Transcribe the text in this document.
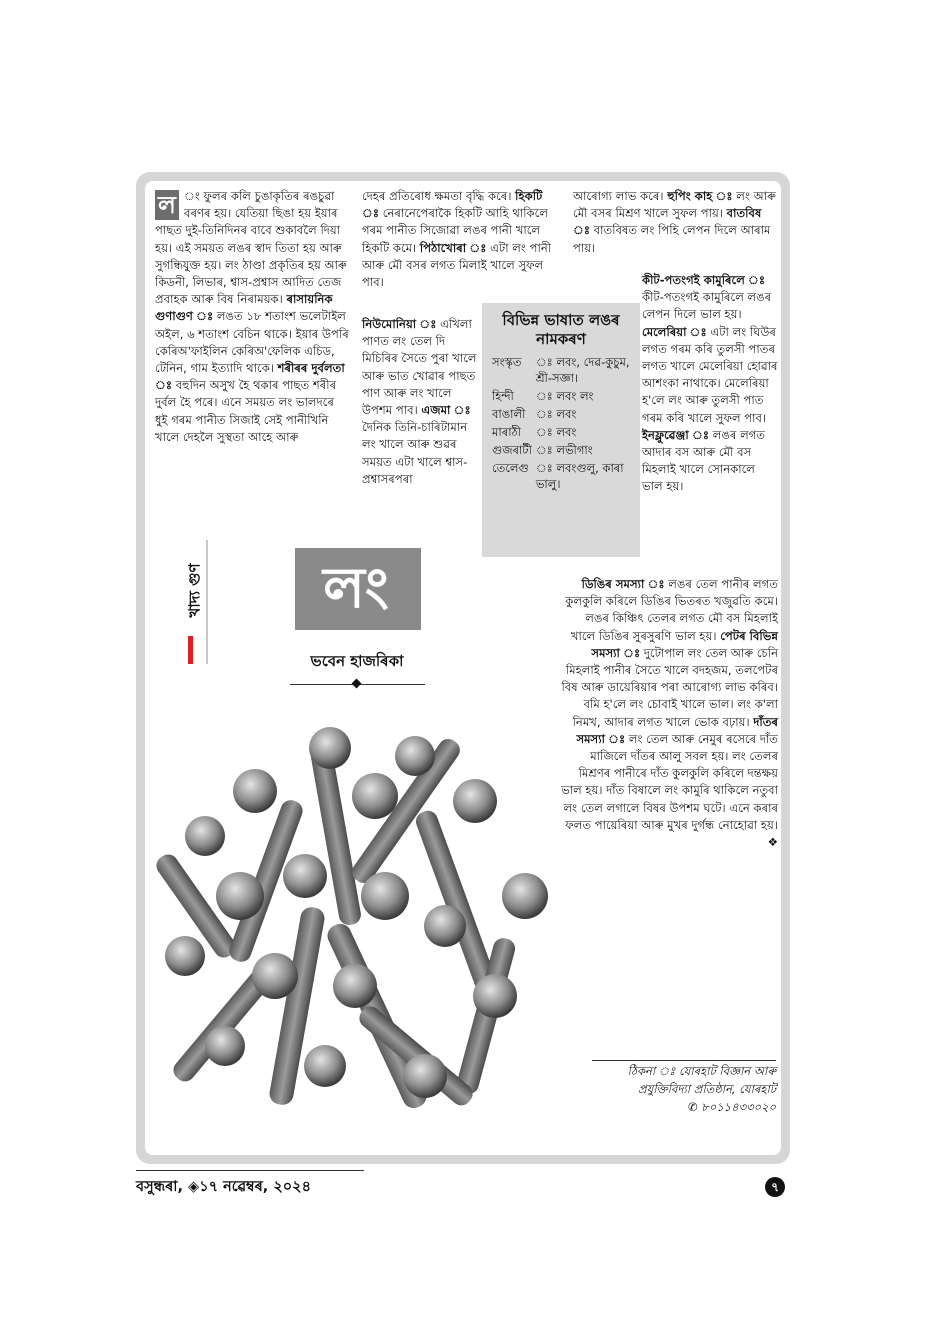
ল ং ফুলৰ কলি চুঙাকৃতিৰ ৰঙচুৱা বৰণৰ হয়। যেতিয়া ছিঙা হয় ইয়াৰ পাছত দুই-তিনিদিনৰ বাবে শুকাবলৈ দিয়া হয়। এই সময়ত লঙৰ স্বাদ তিতা হয় আৰু সুগন্ধিযুক্ত হয়। লং ঠাণ্ডা প্ৰকৃতিৰ হয় আৰু কিডনী, লিভাৰ, শ্বাস-প্ৰশ্বাস আদিত তেজ প্ৰবাহক আৰু বিষ নিৰাময়ক। ৰাসায়নিক গুণাগুণ ঃ লঙত ১৮ শতাংশ ভলেটাইল অইল, ৬ শতাংশ বেচিন থাকে। ইয়াৰ উপৰি কেৰিঅ'ফাইলিন কেৰিঅ'ফেলিক এচিড, টেনিন, গাম ইত্যাদি থাকে। শৰীৰৰ দুৰ্বলতা ঃ বহুদিন অসুখ হৈ থকাৰ পাছত শৰীৰ দুৰ্বল হৈ পৰে। এনে সময়ত লং ভালদৰে ধুই গৰম পানীত সিজাই সেই পানীখিনি খালে দেহলৈ সুস্থতা আহে আৰু

দেহৰ প্ৰতিৰোধ ক্ষমতা বৃদ্ধি কৰে। হিকটি ঃ নেৰানেপেৰাকৈ হিকটি আহি থাকিলে গৰম পানীত সিজোৱা লঙৰ পানী খালে হিকটি কমে। পিঠাখোৰা ঃ এটা লং পানী আৰু মৌ বসৰ লগত মিলাই খালে সুফল পাব।

নিউমোনিয়া ঃ এখিলা পাণত লং তেল দি মিচিৰিৰ সৈতে পুৰা খালে আৰু ভাত খোৱাৰ পাছত পাণ আৰু লং খালে উপশম পাব। এজমা ঃ দৈনিক তিনি-চাৰিটামান লং খালে আৰু শুৱৰ সময়ত এটা খালে শ্বাস-প্ৰশ্বাসৰপৰা

আৰোগ্য লাভ কৰে। হুপিং কাহ ঃ লং আৰু মৌ বসৰ মিশ্ৰণ খালে সুফল পায়। বাতবিষ ঃ বাতবিষত লং পিহি লেপন দিলে আৰাম পায়।

কীট-পতংগই কামুৰিলে ঃ কীট-পতংগই কামুৰিলে লঙৰ লেপন দিলে ভাল হয়। মেলেৰিয়া ঃ এটা লং ঘিউৰ লগত গৰম কৰি তুলসী পাতৰ লগত খালে মেলেৰিয়া হোৱাৰ আশংকা নাথাকে। মেলেৰিয়া হ'লে লং আৰু তুলসী পাত গৰম কৰি খালে সুফল পাব। ইনফ্লুৱেঞ্জা ঃ লঙৰ লগত আদাৰ বস আৰু মৌ বস মিহলাই খালে সোনকালে ভাল হয়।

বিভিন্ন ভাষাত লঙৰ নামকৰণ
সংস্কৃত	ঃ লবং, দেৱ-কুচুম, শ্ৰী-সজ্ঞা।
হিন্দী	ঃ লবং লং
বাঙালী	ঃ লবং
মাৰাঠী	ঃ লবং
গুজৰাটী	ঃ লভীগাং
তেলেগু	ঃ লবংগুলু, কাৰা ভালু।
খাদ্য গুণ	লং
ভবেন হাজৰিকা

ডিঙিৰ সমস্যা ঃ লঙৰ তেল পানীৰ লগত কুলকুলি কৰিলে ডিঙিৰ ভিতৰত খজুৱতি কমে। লঙৰ কিঞ্চিৎ তেলৰ লগত মৌ বস মিহলাই খালে ডিঙিৰ সুৰসুৰণি ভাল হয়। পেটৰ বিভিন্ন সমস্যা ঃ দুটোপাল লং তেল আৰু চেনি মিহলাই পানীৰ সৈতে খালে বদহজম, তলপেটৰ বিষ আৰু ডায়েৰিয়াৰ পৰা আৰোগ্য লাভ কৰিব। বমি হ'লে লং চোবাই খালে ভাল। লং ক'লা নিমখ, আদাৰ লগত খালে ভোক বঢ়ায়। দাঁতৰ সমস্যা ঃ লং তেল আৰু নেমুৰ ৰসেৰে দাঁত মাজিলে দাঁতৰ আলু সবল হয়। লং তেলৰ মিশ্ৰণৰ পানীৰে দাঁত কুলকুলি কৰিলে দন্তক্ষয় ভাল হয়। দাঁত বিষালে লং কামুৰি থাকিলে নতুবা লং তেল লগালে বিষৰ উপশম ঘটে। এনে কৰাৰ ফলত পায়েৰিয়া আৰু মুখৰ দুৰ্গন্ধ নোহোৱা হয়। ❖

ঠিকনা ঃ যোৰহাট বিজ্ঞান আৰু
প্ৰযুক্তিবিদ্যা প্ৰতিষ্ঠান, যোৰহাট
✆ ৮০১১৪৩৩০২০
বসুন্ধৰা, ◈১৭ নৱেম্বৰ, ২০২৪	৭
